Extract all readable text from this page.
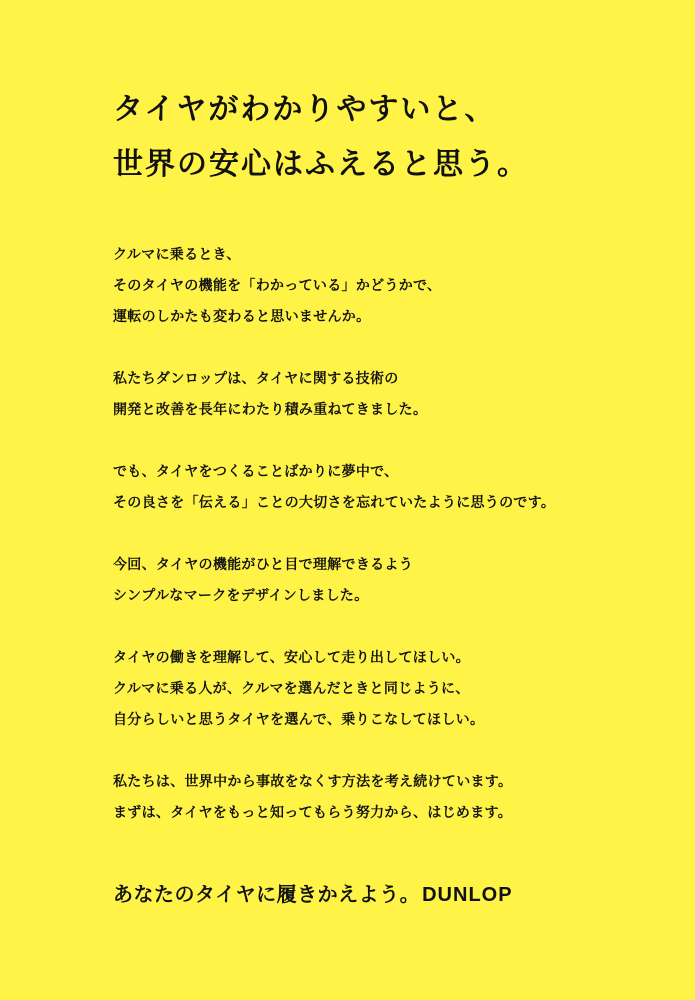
タイヤがわかりやすいと、
世界の安心はふえると思う。

クルマに乗るとき、
そのタイヤの機能を「わかっている」かどうかで、
運転のしかたも変わると思いませんか。

私たちダンロップは、タイヤに関する技術の
開発と改善を長年にわたり積み重ねてきました。

でも、タイヤをつくることばかりに夢中で、
その良さを「伝える」ことの大切さを忘れていたように思うのです。

今回、タイヤの機能がひと目で理解できるよう
シンプルなマークをデザインしました。

タイヤの働きを理解して、安心して走り出してほしい。
クルマに乗る人が、クルマを選んだときと同じように、
自分らしいと思うタイヤを選んで、乗りこなしてほしい。

私たちは、世界中から事故をなくす方法を考え続けています。
まずは、タイヤをもっと知ってもらう努力から、はじめます。

あなたのタイヤに履きかえよう。 DUNLOP
